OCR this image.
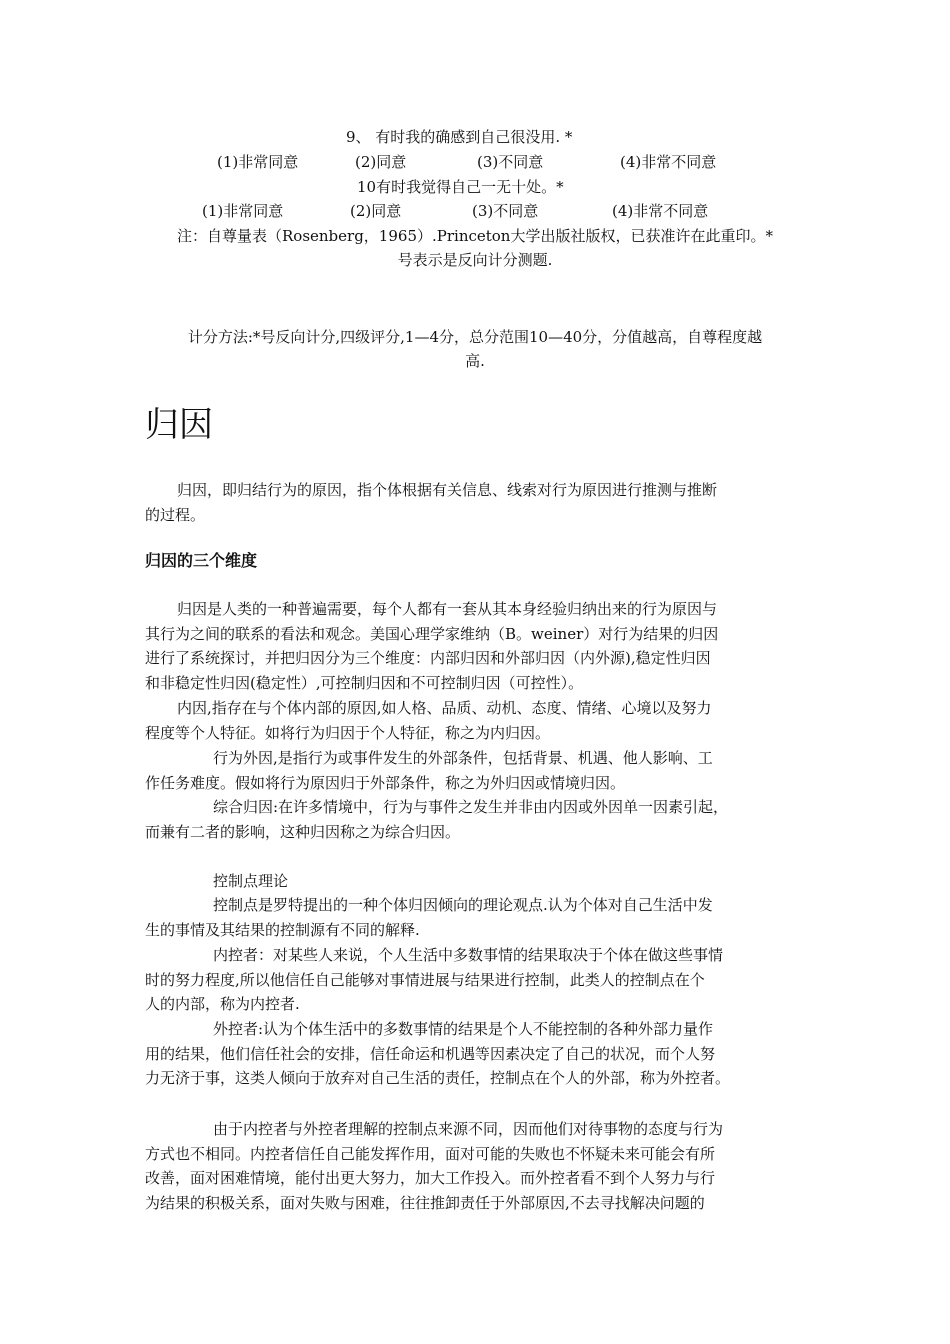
9、 有时我的确感到自己很没用. *
(1)非常同意	(2)同意	(3)不同意	(4)非常不同意
10有时我觉得自己一无十处。*
(1)非常同意	(2)同意	(3)不同意	(4)非常不同意
注：自尊量表（Rosenberg，1965）.Princeton大学出版社版权，已获准许在此重印。*
号表示是反向计分测题.
计分方法:*号反向计分,四级评分,1—4分，总分范围10—40分，分值越高，自尊程度越
高.
归因
归因，即归结行为的原因，指个体根据有关信息、线索对行为原因进行推测与推断
的过程。
归因的三个维度
归因是人类的一种普遍需要，每个人都有一套从其本身经验归纳出来的行为原因与
其行为之间的联系的看法和观念。美国心理学家维纳（B。weiner）对行为结果的归因
进行了系统探讨，并把归因分为三个维度：内部归因和外部归因（内外源),稳定性归因
和非稳定性归因(稳定性）,可控制归因和不可控制归因（可控性）。
内因,指存在与个体内部的原因,如人格、品质、动机、态度、情绪、心境以及努力
程度等个人特征。如将行为归因于个人特征，称之为内归因。
行为外因,是指行为或事件发生的外部条件，包括背景、机遇、他人影响、工
作任务难度。假如将行为原因归于外部条件，称之为外归因或情境归因。
综合归因:在许多情境中，行为与事件之发生并非由内因或外因单一因素引起，
而兼有二者的影响，这种归因称之为综合归因。
控制点理论
控制点是罗特提出的一种个体归因倾向的理论观点.认为个体对自己生活中发
生的事情及其结果的控制源有不同的解释.
内控者：对某些人来说，个人生活中多数事情的结果取决于个体在做这些事情
时的努力程度,所以他信任自己能够对事情进展与结果进行控制，此类人的控制点在个
人的内部，称为内控者.
外控者:认为个体生活中的多数事情的结果是个人不能控制的各种外部力量作
用的结果，他们信任社会的安排，信任命运和机遇等因素决定了自己的状况，而个人努
力无济于事，这类人倾向于放弃对自己生活的责任，控制点在个人的外部，称为外控者。
由于内控者与外控者理解的控制点来源不同，因而他们对待事物的态度与行为
方式也不相同。内控者信任自己能发挥作用，面对可能的失败也不怀疑未来可能会有所
改善，面对困难情境，能付出更大努力，加大工作投入。而外控者看不到个人努力与行
为结果的积极关系，面对失败与困难，往往推卸责任于外部原因,不去寻找解决问题的
